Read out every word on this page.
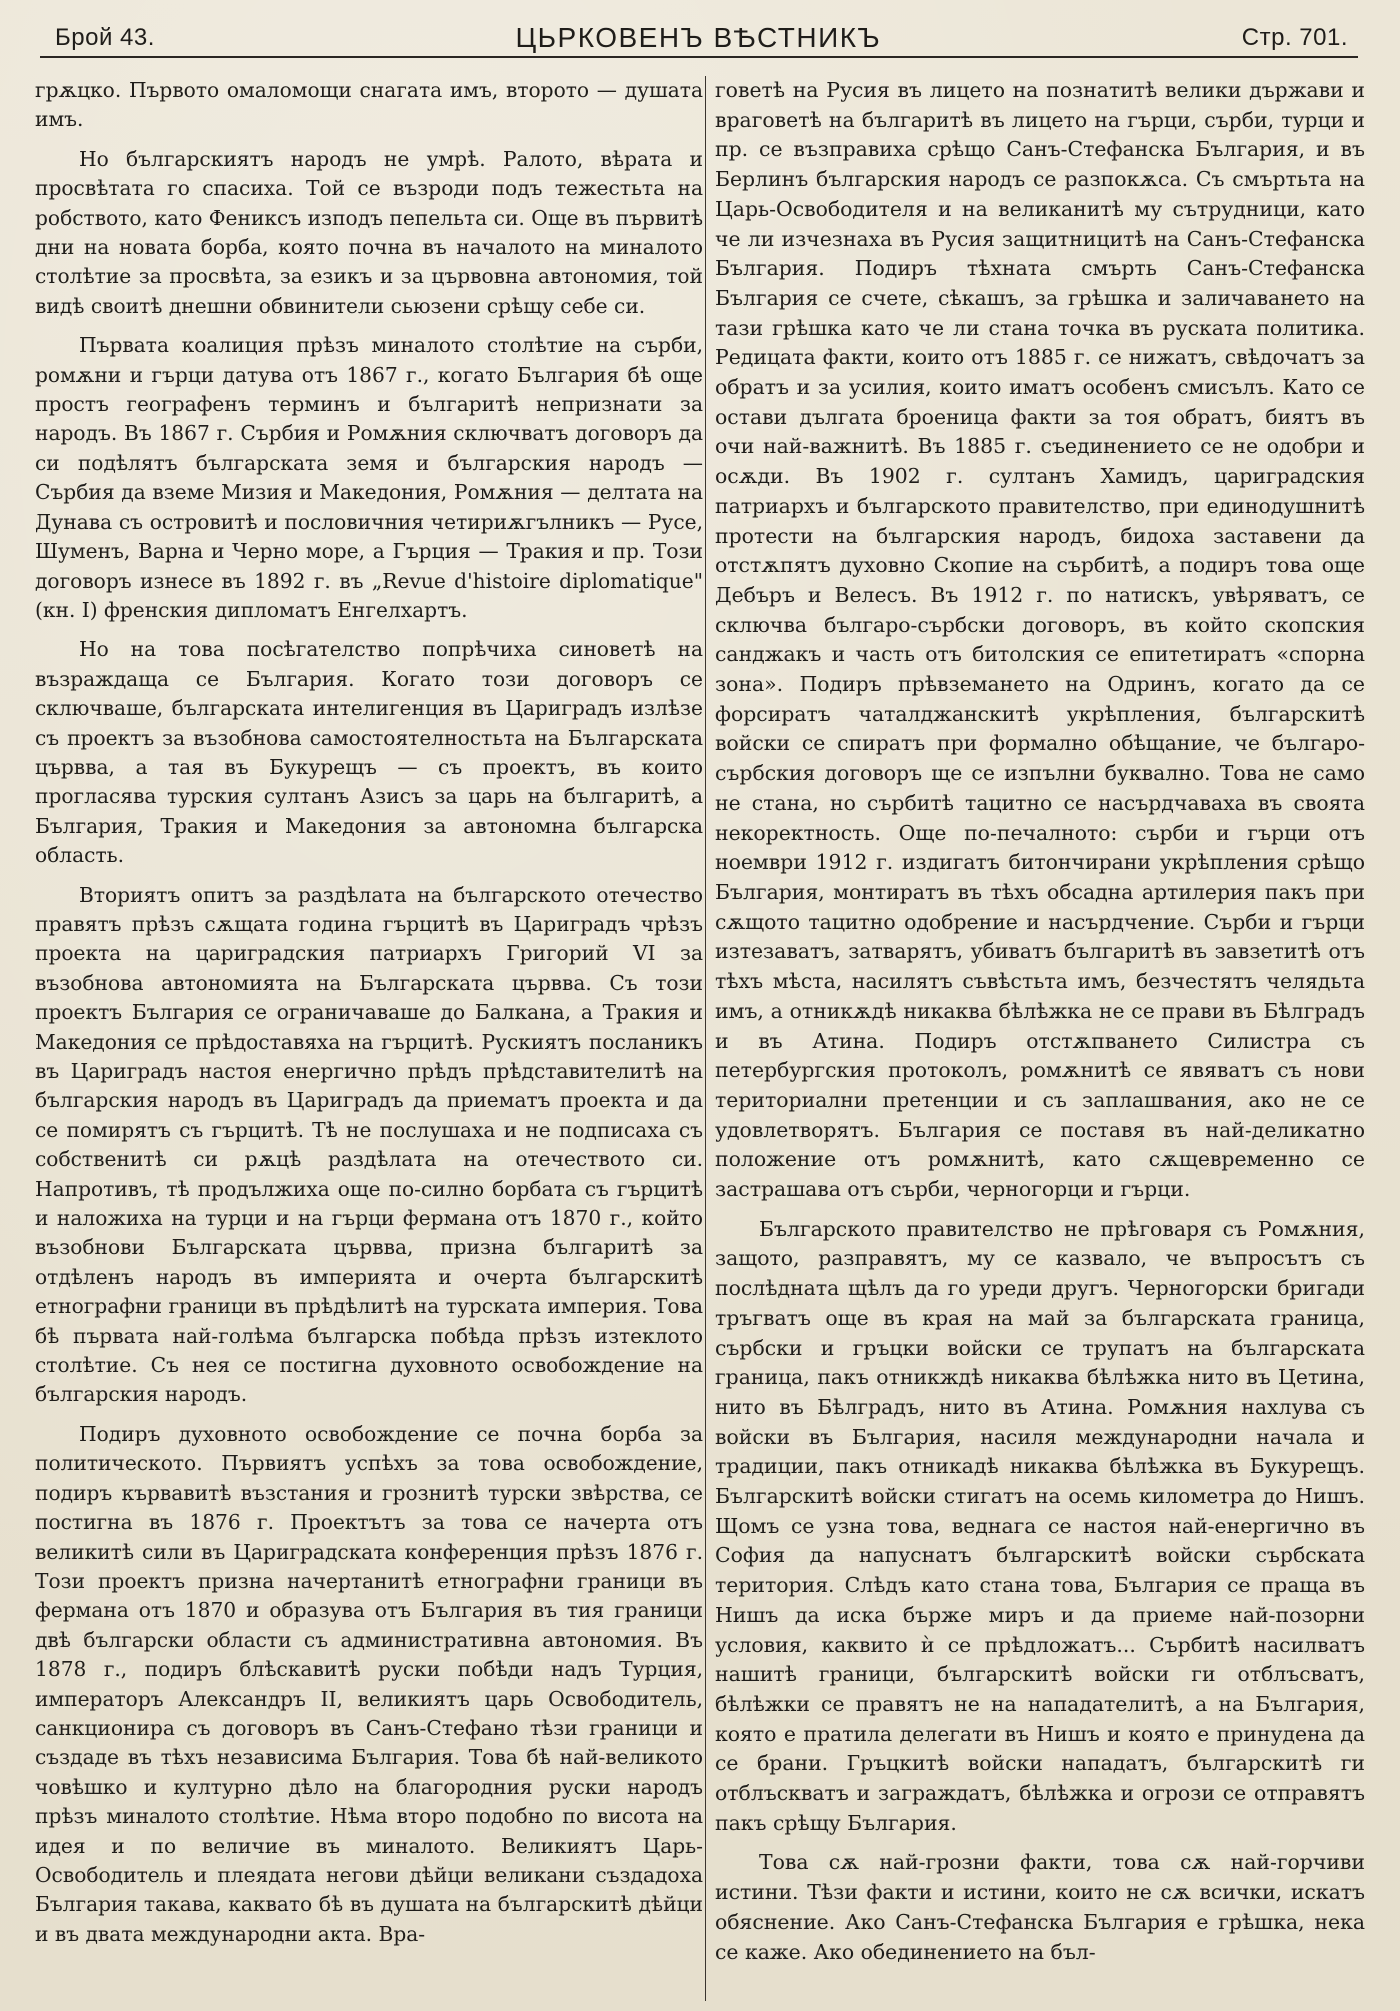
Брой 43.	ЦЬРКОВЕНЪ ВѢСТНИКЪ	Стр. 701.

грѫцко. Първото омаломощи снагата имъ, второто — душата имъ.

Но българскиятъ народъ не умрѣ. Ралото, вѣрата и просвѣтата го спасиха. Той се възроди подъ тежестьта на робството, като Фениксъ изподъ пепельта си. Още въ първитѣ дни на новата борба, която почна въ началото на миналото столѣтие за просвѣта, за езикъ и за цървовна автономия, той видѣ своитѣ днешни обвинители сьюзени срѣщу себе си.

Първата коалиция прѣзъ миналото столѣтие на сърби, ромѫни и гърци датува отъ 1867 г., когато България бѣ още простъ географенъ терминъ и българитѣ непризнати за народъ. Въ 1867 г. Сърбия и Ромѫния сключватъ договоръ да си подѣлятъ българската земя и българския народъ — Сърбия да вземе Мизия и Македония, Ромѫния — делтата на Дунава съ островитѣ и пословичния четириѫгълникъ — Русе, Шуменъ, Варна и Черно море, а Гърция — Тракия и пр. Този договоръ изнесе въ 1892 г. въ „Revue d'histoire diplomatique" (кн. I) френския дипломатъ Енгелхартъ.

Но на това посѣгателство попрѣчиха синоветѣ на възраждаща се България. Когато този договоръ се сключваше, българската интелигенция въ Цариградъ излѣзе съ проектъ за възобнова самостоятелностьта на Българската цървва, а тая въ Букурещъ — съ проектъ, въ които прогласява турския султанъ Азисъ за царь на българитѣ, а България, Тракия и Македония за автономна българска область.

Вториятъ опитъ за раздѣлата на българското отечество правятъ прѣзъ сѫщата година гърцитѣ въ Цариградъ чрѣзъ проекта на цариградския патриархъ Григорий VI за възобнова автономията на Българската цървва. Съ този проектъ България се ограничаваше до Балкана, а Тракия и Македония се прѣдоставяха на гърцитѣ. Рускиятъ посланикъ въ Цариградъ настоя енергично прѣдъ прѣдставителитѣ на българския народъ въ Цариградъ да приематъ проекта и да се помирятъ съ гърцитѣ. Тѣ не послушаха и не подписаха съ собственитѣ си рѫцѣ раздѣлата на отечеството си. Напротивъ, тѣ продължиха още по-силно борбата съ гърцитѣ и наложиха на турци и на гърци фермана отъ 1870 г., който възобнови Българската цървва, призна българитѣ за отдѣленъ народъ въ империята и очерта българскитѣ етнографни граници въ прѣдѣлитѣ на турската империя. Това бѣ първата най-голѣма българска побѣда прѣзъ изтеклото столѣтие. Съ нея се постигна духовното освобождение на българския народъ.

Подиръ духовното освобождение се почна борба за политическото. Първиятъ успѣхъ за това освобождение, подиръ кървавитѣ възстания и грознитѣ турски звѣрства, се постигна въ 1876 г. Проектътъ за това се начерта отъ великитѣ сили въ Цариградската конференция прѣзъ 1876 г. Този проектъ призна начертанитѣ етнографни граници въ фермана отъ 1870 и образува отъ България въ тия граници двѣ български области съ административна автономия. Въ 1878 г., подиръ блѣскавитѣ руски побѣди надъ Турция, императоръ Александръ II, великиятъ царь Освободитель, санкционира съ договоръ въ Санъ-Стефано тѣзи граници и създаде въ тѣхъ независима България. Това бѣ най-великото човѣшко и културно дѣло на благородния руски народъ прѣзъ миналото столѣтие. Нѣма второ подобно по висота на идея и по величие въ миналото. Великиятъ Царь-Освободитель и плеядата негови дѣйци великани създадоха България такава, каквато бѣ въ душата на българскитѣ дѣйци и въ двата международни акта. Вра-

говетѣ на Русия въ лицето на познатитѣ велики държави и враговетѣ на българитѣ въ лицето на гърци, сърби, турци и пр. се възправиха срѣщо Санъ-Стефанска България, и въ Берлинъ българския народъ се разпокѫса. Съ смъртьта на Царь-Освободителя и на великанитѣ му сътрудници, като че ли изчезнаха въ Русия защитницитѣ на Санъ-Стефанска България. Подиръ тѣхната смърть Санъ-Стефанска България се счете, сѣкашъ, за грѣшка и заличаването на тази грѣшка като че ли стана точка въ руската политика. Редицата факти, които отъ 1885 г. се нижатъ, свѣдочатъ за обратъ и за усилия, които иматъ особенъ смисълъ. Като се остави дългата броеница факти за тоя обратъ, биятъ въ очи най-важнитѣ. Въ 1885 г. съединението се не одобри и осѫди. Въ 1902 г. султанъ Хамидъ, цариградския патриархъ и българското правителство, при единодушнитѣ протести на българския народъ, бидоха заставени да отстѫпятъ духовно Скопие на сърбитѣ, а подиръ това още Дебъръ и Велесъ. Въ 1912 г. по натискъ, увѣряватъ, се сключва българо-сърбски договоръ, въ който скопския санджакъ и часть отъ битолския се епитетиратъ «спорна зона». Подиръ прѣвземането на Одринъ, когато да се форсиратъ чаталджанскитѣ укрѣпления, българскитѣ войски се спиратъ при формално обѣщание, че българо-сърбския договоръ ще се изпълни буквално. Това не само не стана, но сърбитѣ тацитно се насърдчаваха въ своята некоректность. Още по-печалното: сърби и гърци отъ ноември 1912 г. издигатъ битончирани укрѣпления срѣщо България, монтиратъ въ тѣхъ обсадна артилерия пакъ при сѫщото тацитно одобрение и насърдчение. Сърби и гърци изтезаватъ, затварятъ, убиватъ българитѣ въ завзетитѣ отъ тѣхъ мѣста, насилятъ съвѣстьта имъ, безчестятъ челядьта имъ, а отникѫдѣ никаква бѣлѣжка не се прави въ Бѣлградъ и въ Атина. Подиръ отстѫпването Силистра съ петербургския протоколъ, ромѫнитѣ се явяватъ съ нови териториални претенции и съ заплашвания, ако не се удовлетворятъ. България се поставя въ най-деликатно положение отъ ромѫнитѣ, като сѫщевременно се застрашава отъ сърби, черногорци и гърци.

Българското правителство не прѣговаря съ Ромѫния, защото, разправятъ, му се казвало, че въпросътъ съ послѣдната щѣлъ да го уреди другъ. Черногорски бригади тръгватъ още въ края на май за българската граница, сърбски и гръцки войски се трупатъ на българската граница, пакъ отникждѣ никаква бѣлѣжка нито въ Цетина, нито въ Бѣлградъ, нито въ Атина. Ромѫния нахлува съ войски въ България, насиля международни начала и традиции, пакъ отникадѣ никаква бѣлѣжка въ Букурещъ. Българскитѣ войски стигатъ на осемь километра до Нишъ. Щомъ се узна това, веднага се настоя най-енергично въ София да напуснатъ българскитѣ войски сърбската територия. Слѣдъ като стана това, България се праща въ Нишъ да иска бърже миръ и да приеме най-позорни условия, каквито ѝ се прѣдложатъ... Сърбитѣ насилватъ нашитѣ граници, българскитѣ войски ги отблъсватъ, бѣлѣжки се правятъ не на нападателитѣ, а на България, която е пратила делегати въ Нишъ и която е принудена да се брани. Гръцкитѣ войски нападатъ, българскитѣ ги отблъскватъ и заграждатъ, бѣлѣжка и огрози се отправятъ пакъ срѣщу България.

Това сѫ най-грозни факти, това сѫ най-горчиви истини. Тѣзи факти и истини, които не сѫ всички, искатъ обяснение. Ако Санъ-Стефанска България е грѣшка, нека се каже. Ако обединението на бъл-
